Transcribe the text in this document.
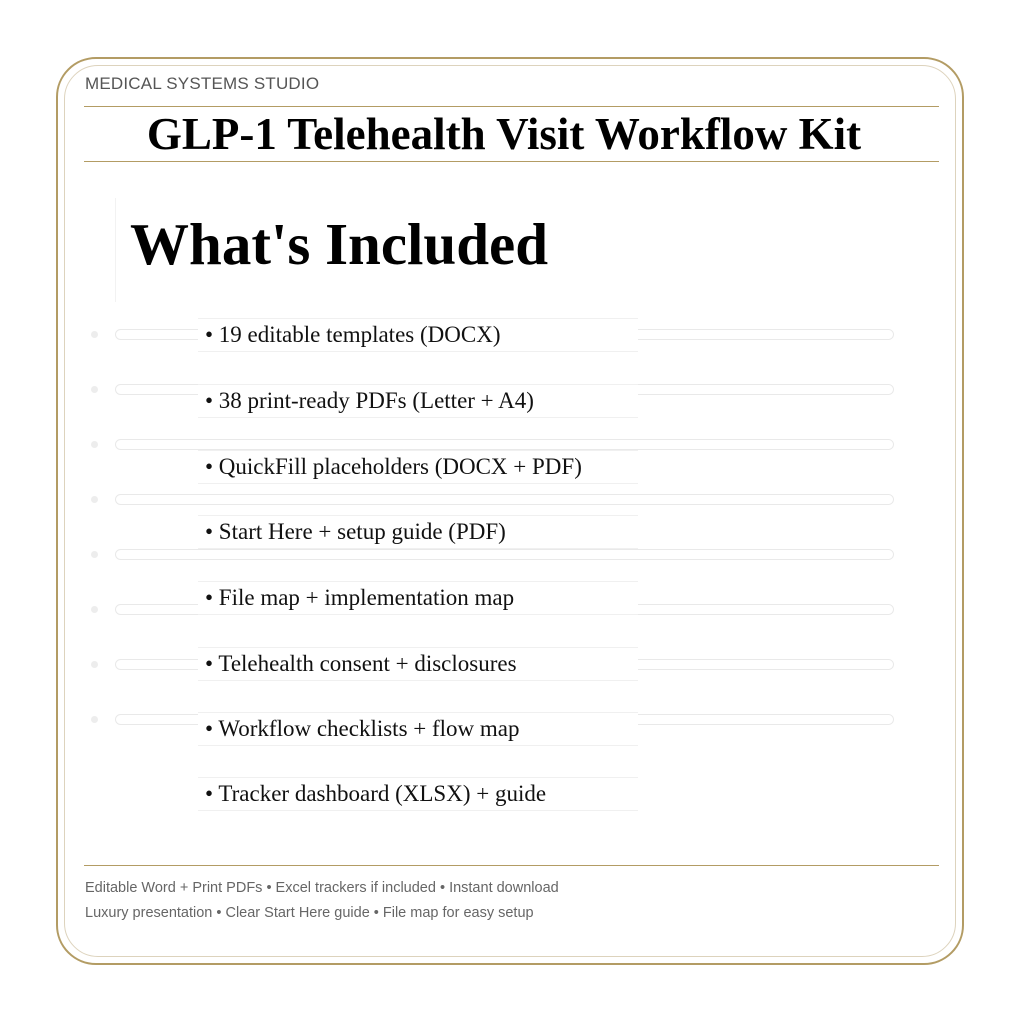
MEDICAL SYSTEMS STUDIO
GLP-1 Telehealth Visit Workflow Kit
What's Included
• 19 editable templates (DOCX)
• 38 print-ready PDFs (Letter + A4)
• QuickFill placeholders (DOCX + PDF)
• Start Here + setup guide (PDF)
• File map + implementation map
• Telehealth consent + disclosures
• Workflow checklists + flow map
• Tracker dashboard (XLSX) + guide
Editable Word + Print PDFs • Excel trackers if included • Instant download
Luxury presentation • Clear Start Here guide • File map for easy setup
